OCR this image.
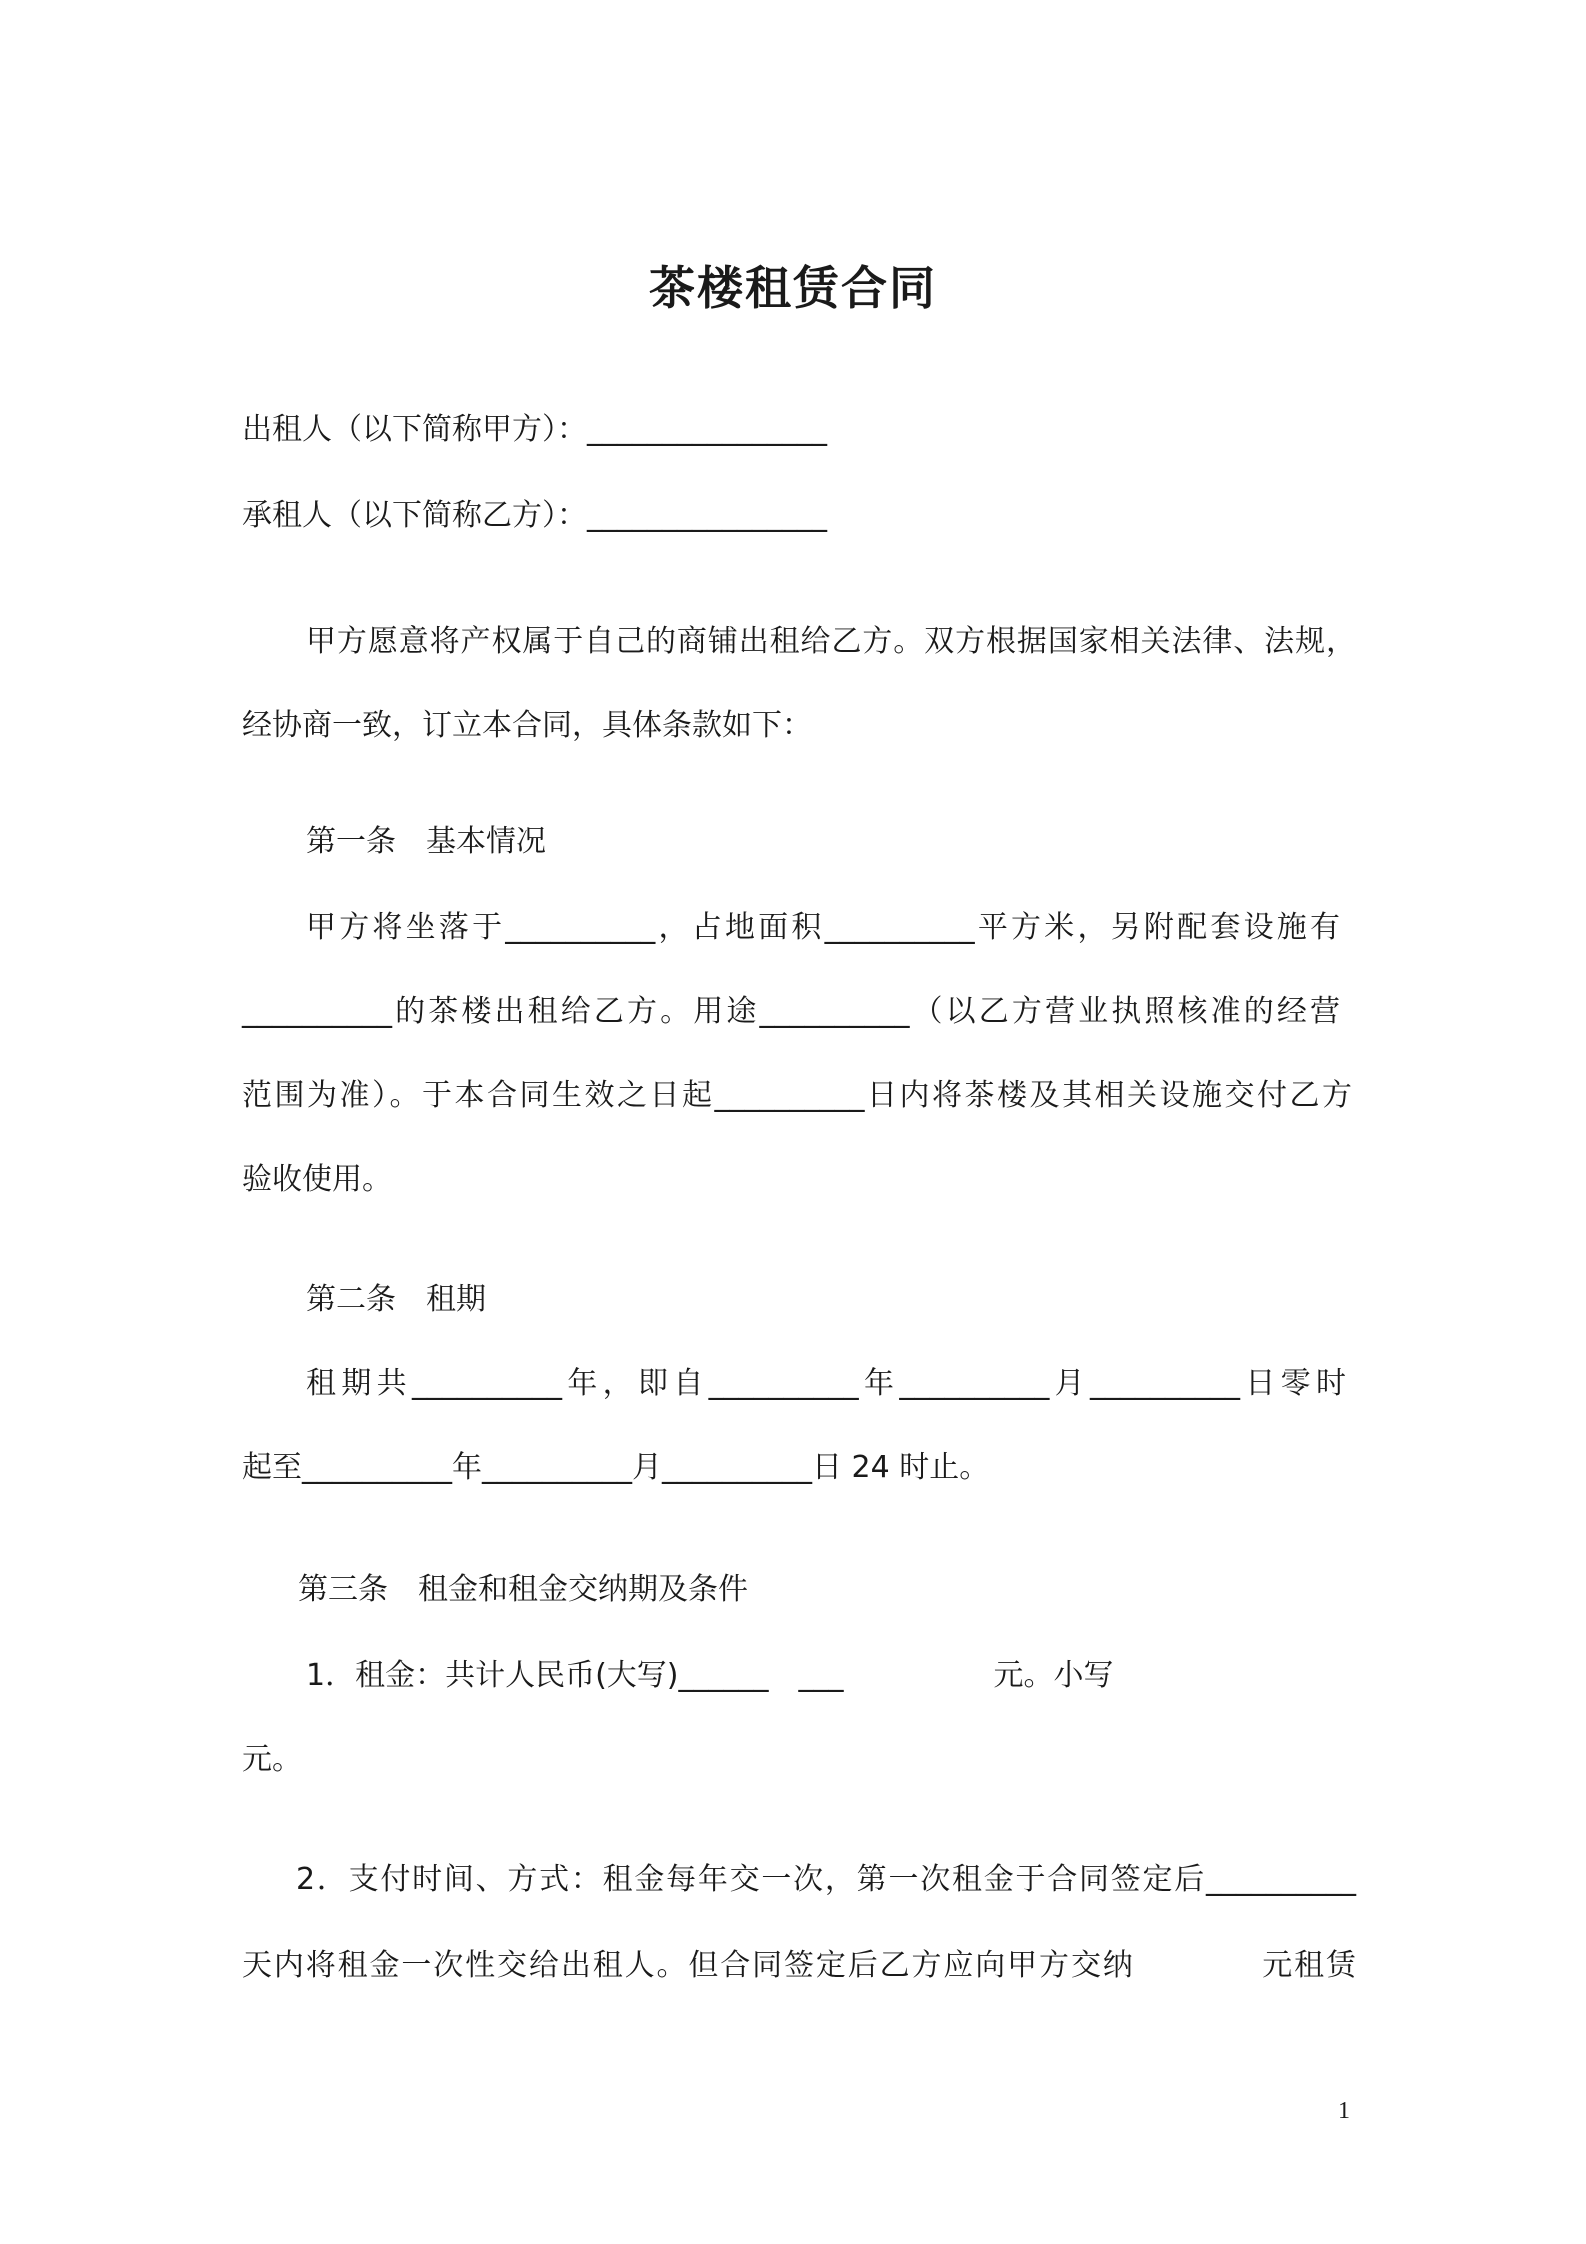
茶楼租赁合同
出租人（以下简称甲方）：________________
承租人（以下简称乙方）：________________
甲方愿意将产权属于自己的商铺出租给乙方。双方根据国家相关法律、法规，
经协商一致，订立本合同，具体条款如下：
第一条　基本情况
甲方将坐落于__________，占地面积__________平方米，另附配套设施有
__________的茶楼出租给乙方。用途__________（以乙方营业执照核准的经营
范围为准）。于本合同生效之日起__________日内将茶楼及其相关设施交付乙方
验收使用。
第二条　租期
租期共__________年，即自__________年__________月__________日零时
起至__________年__________月__________日 24 时止。
第三条　租金和租金交纳期及条件
1．租金：共计人民币(大写)______　___　　　　　元。小写
元。
2．支付时间、方式：租金每年交一次，第一次租金于合同签定后__________
天内将租金一次性交给出租人。但合同签定后乙方应向甲方交纳　　　　元租赁
1
